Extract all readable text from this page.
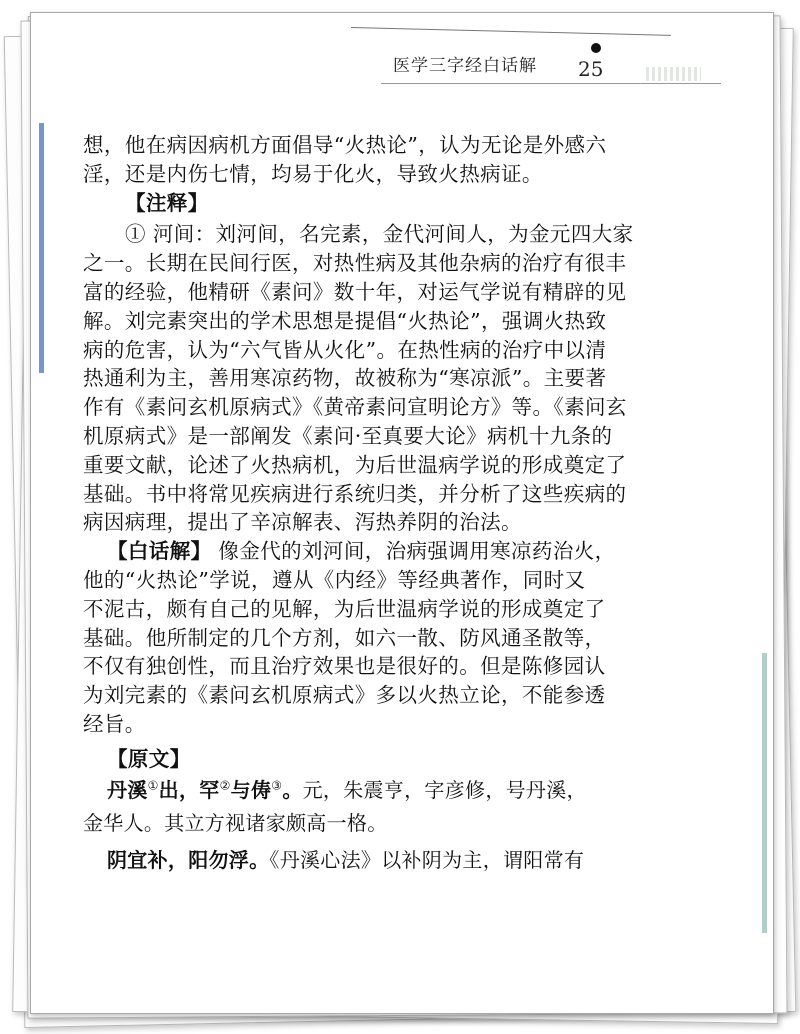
医学三字经白话解 25
想，他在病因病机方面倡导“火热论”，认为无论是外感六
淫，还是内伤七情，均易于化火，导致火热病证。
【注释】
① 河间：刘河间，名完素，金代河间人，为金元四大家
之一。长期在民间行医，对热性病及其他杂病的治疗有很丰
富的经验，他精研《素问》数十年，对运气学说有精辟的见
解。刘完素突出的学术思想是提倡“火热论”，强调火热致
病的危害，认为“六气皆从火化”。在热性病的治疗中以清
热通利为主，善用寒凉药物，故被称为“寒凉派”。主要著
作有《素问玄机原病式》《黄帝素问宣明论方》等。《素问玄
机原病式》是一部阐发《素问·至真要大论》病机十九条的
重要文献，论述了火热病机，为后世温病学说的形成奠定了
基础。书中将常见疾病进行系统归类，并分析了这些疾病的
病因病理，提出了辛凉解表、泻热养阴的治法。
【白话解】 像金代的刘河间，治病强调用寒凉药治火，
他的“火热论”学说，遵从《内经》等经典著作，同时又
不泥古，颇有自己的见解，为后世温病学说的形成奠定了
基础。他所制定的几个方剂，如六一散、防风通圣散等，
不仅有独创性，而且治疗效果也是很好的。但是陈修园认
为刘完素的《素问玄机原病式》多以火热立论，不能参透
经旨。
【原文】
丹溪①出，罕②与俦③。元，朱震亨，字彦修，号丹溪，
金华人。其立方视诸家颇高一格。
阴宜补，阳勿浮。《丹溪心法》以补阴为主，谓阳常有
